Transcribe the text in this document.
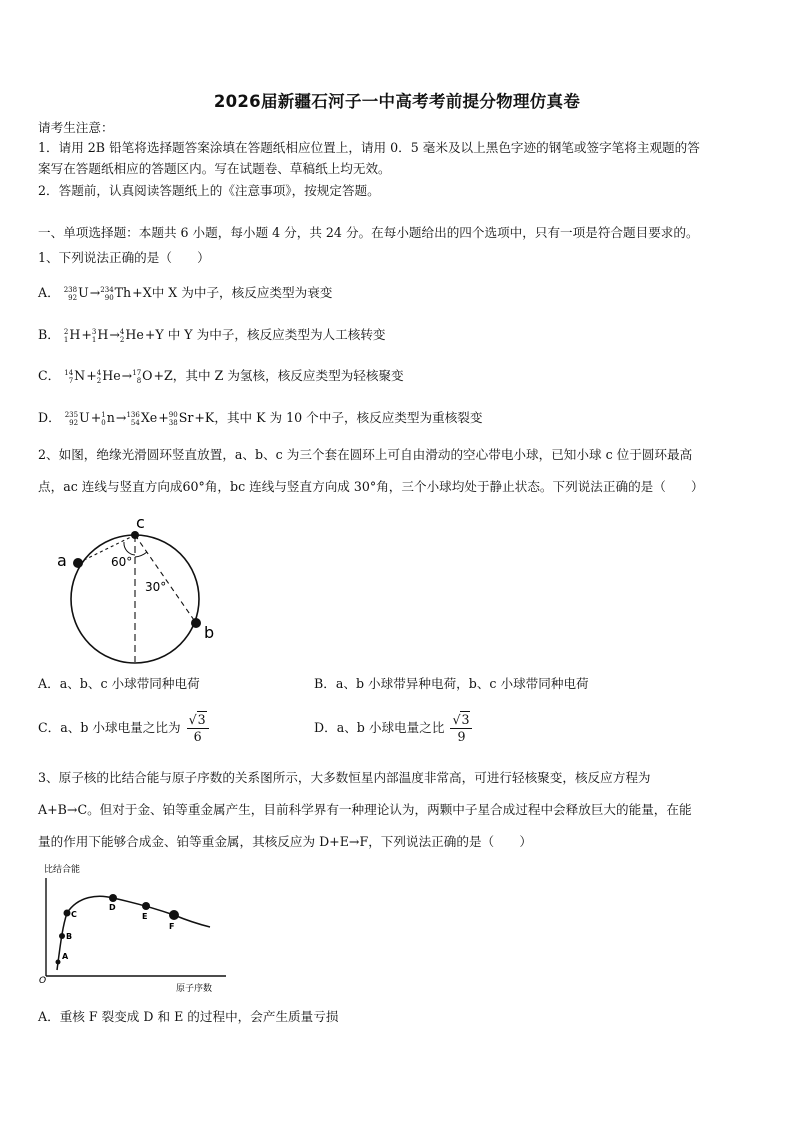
2026届新疆石河子一中高考考前提分物理仿真卷
请考生注意：
1．请用 2B 铅笔将选择题答案涂填在答题纸相应位置上，请用 0．5 毫米及以上黑色字迹的钢笔或签字笔将主观题的答
案写在答题纸相应的答题区内。写在试题卷、草稿纸上均无效。
2．答题前，认真阅读答题纸上的《注意事项》，按规定答题。
一、单项选择题：本题共 6 小题，每小题 4 分，共 24 分。在每小题给出的四个选项中，只有一项是符合题目要求的。
1、下列说法正确的是（　　）
A． 238
92 U→ 234
90 Th+X中 X 为中子，核反应类型为衰变
B． 2
1 H+ 3
1 H→ 4
2 He+Y 中 Y 为中子，核反应类型为人工核转变
C． 14
7 N+ 4
2 He→ 17
8 O+Z，其中 Z 为氢核，核反应类型为轻核聚变
D． 235
92 U+ 1
0 n→ 136
54 Xe+ 90
38 Sr+K，其中 K 为 10 个中子，核反应类型为重核裂变
2、如图，绝缘光滑圆环竖直放置，a、b、c 为三个套在圆环上可自由滑动的空心带电小球，已知小球 c 位于圆环最高
点，ac 连线与竖直方向成60°角，bc 连线与竖直方向成 30°角，三个小球均处于静止状态。下列说法正确的是（　　）
c
a
b
60°
30°
A．a、b、c 小球带同种电荷	B．a、b 小球带异种电荷，b、c 小球带同种电荷
C．a、b 小球电量之比为 $\frac{√3}{6}$	D．a、b 小球电量之比 $\frac{√3}{9}$
3、原子核的比结合能与原子序数的关系图所示，大多数恒星内部温度非常高，可进行轻核聚变，核反应方程为
A+B→C。但对于金、铂等重金属产生，目前科学界有一种理论认为，两颗中子星合成过程中会释放巨大的能量，在能
量的作用下能够合成金、铂等重金属，其核反应为 D+E→F，下列说法正确的是（　　）
比结合能
原子序数
O
A
B
C
D
E
F
A．重核 F 裂变成 D 和 E 的过程中，会产生质量亏损
